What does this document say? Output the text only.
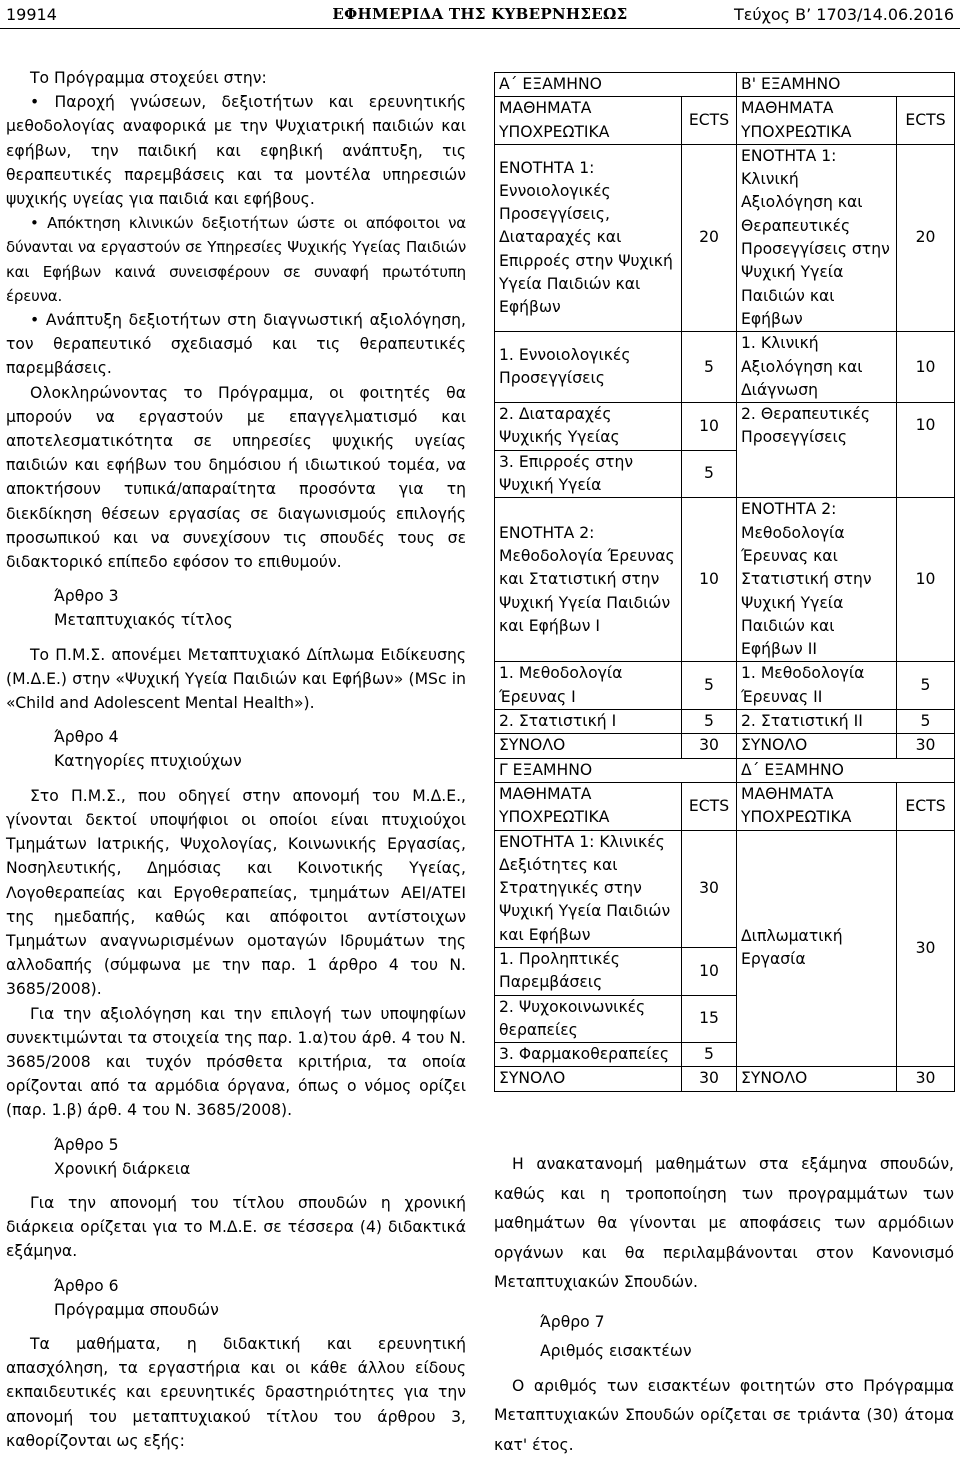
19914	ΕΦΗΜΕΡΙΔΑ ΤΗΣ ΚΥΒΕΡΝΗΣΕΩΣ	Τεύχος Β’ 1703/14.06.2016

Το Πρόγραμμα στοχεύει στην:

• Παροχή γνώσεων, δεξιοτήτων και ερευνητικής μεθοδολογίας αναφορικά με την Ψυχιατρική παιδιών και εφήβων, την παιδική και εφηβική ανάπτυξη, τις θεραπευτικές παρεμβάσεις και τα μοντέλα υπηρεσιών ψυχικής υγείας για παιδιά και εφήβους.

• Απόκτηση κλινικών δεξιοτήτων ώστε οι απόφοιτοι να δύνανται να εργαστούν σε Υπηρεσίες Ψυχικής Υγείας Παιδιών και Εφήβων καινά συνεισφέρουν σε συναφή πρωτότυπη έρευνα.

• Ανάπτυξη δεξιοτήτων στη διαγνωστική αξιολόγηση, τον θεραπευτικό σχεδιασμό και τις θεραπευτικές παρεμβάσεις.

Ολοκληρώνοντας το Πρόγραμμα, οι φοιτητές θα μπορούν να εργαστούν με επαγγελματισμό και αποτελεσματικότητα σε υπηρεσίες ψυχικής υγείας παιδιών και εφήβων του δημόσιου ή ιδιωτικού τομέα, να αποκτήσουν τυπικά/απαραίτητα προσόντα για τη διεκδίκηση θέσεων εργασίας σε διαγωνισμούς επιλογής προσωπικού και να συνεχίσουν τις σπουδές τους σε διδακτορικό επίπεδο εφόσον το επιθυμούν.

Άρθρο 3

Μεταπτυχιακός τίτλος

Το Π.Μ.Σ. απονέμει Μεταπτυχιακό Δίπλωμα Ειδίκευσης (Μ.Δ.Ε.) στην «Ψυχική Υγεία Παιδιών και Εφήβων» (MSc in «Child and Adolescent Mental Health»).

Άρθρο 4

Κατηγορίες πτυχιούχων

Στο Π.Μ.Σ., που οδηγεί στην απονομή του Μ.Δ.Ε., γίνονται δεκτοί υποψήφιοι οι οποίοι είναι πτυχιούχοι Τμημάτων Ιατρικής, Ψυχολογίας, Κοινωνικής Εργασίας, Νοσηλευτικής, Δημόσιας και Κοινοτικής Υγείας, Λογοθεραπείας και Εργοθεραπείας, τμημάτων ΑΕΙ/ΑΤΕΙ της ημεδαπής, καθώς και απόφοιτοι αντίστοιχων Τμημάτων αναγνωρισμένων ομοταγών Ιδρυμάτων της αλλοδαπής (σύμφωνα με την παρ. 1 άρθρο 4 του Ν. 3685/2008).

Για την αξιολόγηση και την επιλογή των υποψηφίων συνεκτιμώνται τα στοιχεία της παρ. 1.α)του άρθ. 4 του Ν. 3685/2008 και τυχόν πρόσθετα κριτήρια, τα οποία ορίζονται από τα αρμόδια όργανα, όπως ο νόμος ορίζει (παρ. 1.β) άρθ. 4 του Ν. 3685/2008).

Άρθρο 5

Χρονική διάρκεια

Για την απονομή του τίτλου σπουδών η χρονική διάρκεια ορίζεται για το Μ.Δ.Ε. σε τέσσερα (4) διδακτικά εξάμηνα.

Άρθρο 6

Πρόγραμμα σπουδών

Τα μαθήματα, η διδακτική και ερευνητική απασχόληση, τα εργαστήρια και οι κάθε άλλου είδους εκπαιδευτικές και ερευνητικές δραστηριότητες για την απονομή του μεταπτυχιακού τίτλου του άρθρου 3, καθορίζονται ως εξής:

Α΄ ΕΞΑΜΗΝΟ		Β' ΕΞΑΜΗΝΟ	
ΜΑΘΗΜΑΤΑ ΥΠΟΧΡΕΩΤΙΚΑ	ECTS	ΜΑΘΗΜΑΤΑ ΥΠΟΧΡΕΩΤΙΚΑ	ECTS
ΕΝΟΤΗΤΑ 1: Εννοιολογικές Προσεγγίσεις, Διαταραχές και Επιρροές στην Ψυχική Υγεία Παιδιών και Εφήβων	20	ΕΝΟΤΗΤΑ 1: Κλινική Αξιολόγηση και Θεραπευτικές Προσεγγίσεις στην Ψυχική Υγεία Παιδιών και Εφήβων	20
1. Εννοιολογικές Προσεγγίσεις	5	1. Κλινική Αξιολόγηση και Διάγνωση	10
2. Διαταραχές Ψυχικής Υγείας	10	2. Θεραπευτικές Προσεγγίσεις	10
3. Επιρροές στην Ψυχική Υγεία	5		
ΕΝΟΤΗΤΑ 2: Μεθοδολογία Έρευνας και Στατιστική στην Ψυχική Υγεία Παιδιών και Εφήβων Ι	10	ΕΝΟΤΗΤΑ 2: Μεθοδολογία Έρευνας και Στατιστική στην Ψυχική Υγεία Παιδιών και Εφήβων ΙΙ	10
1. Μεθοδολογία Έρευνας Ι	5	1. Μεθοδολογία Έρευνας ΙΙ	5
2. Στατιστική Ι	5	2. Στατιστική ΙΙ	5
ΣΥΝΟΛΟ	30	ΣΥΝΟΛΟ	30
Γ ΕΞΑΜΗΝΟ		Δ΄ ΕΞΑΜΗΝΟ	
ΜΑΘΗΜΑΤΑ ΥΠΟΧΡΕΩΤΙΚΑ	ECTS	ΜΑΘΗΜΑΤΑ ΥΠΟΧΡΕΩΤΙΚΑ	ECTS
ΕΝΟΤΗΤΑ 1: Κλινικές Δεξιότητες και Στρατηγικές στην Ψυχική Υγεία Παιδιών και Εφήβων	30	Διπλωματική Εργασία	30
1. Προληπτικές Παρεμβάσεις	10		
2. Ψυχοκοινωνικές θεραπείες	15		
3. Φαρμακοθεραπείες	5		
ΣΥΝΟΛΟ	30	ΣΥΝΟΛΟ	30

Η ανακατανομή μαθημάτων στα εξάμηνα σπουδών, καθώς και η τροποποίηση των προγραμμάτων των μαθημάτων θα γίνονται με αποφάσεις των αρμόδιων οργάνων και θα περιλαμβάνονται στον Κανονισμό Μεταπτυχιακών Σπουδών.

Άρθρο 7

Αριθμός εισακτέων

Ο αριθμός των εισακτέων φοιτητών στο Πρόγραμμα Μεταπτυχιακών Σπουδών ορίζεται σε τριάντα (30) άτομα κατ' έτος.
